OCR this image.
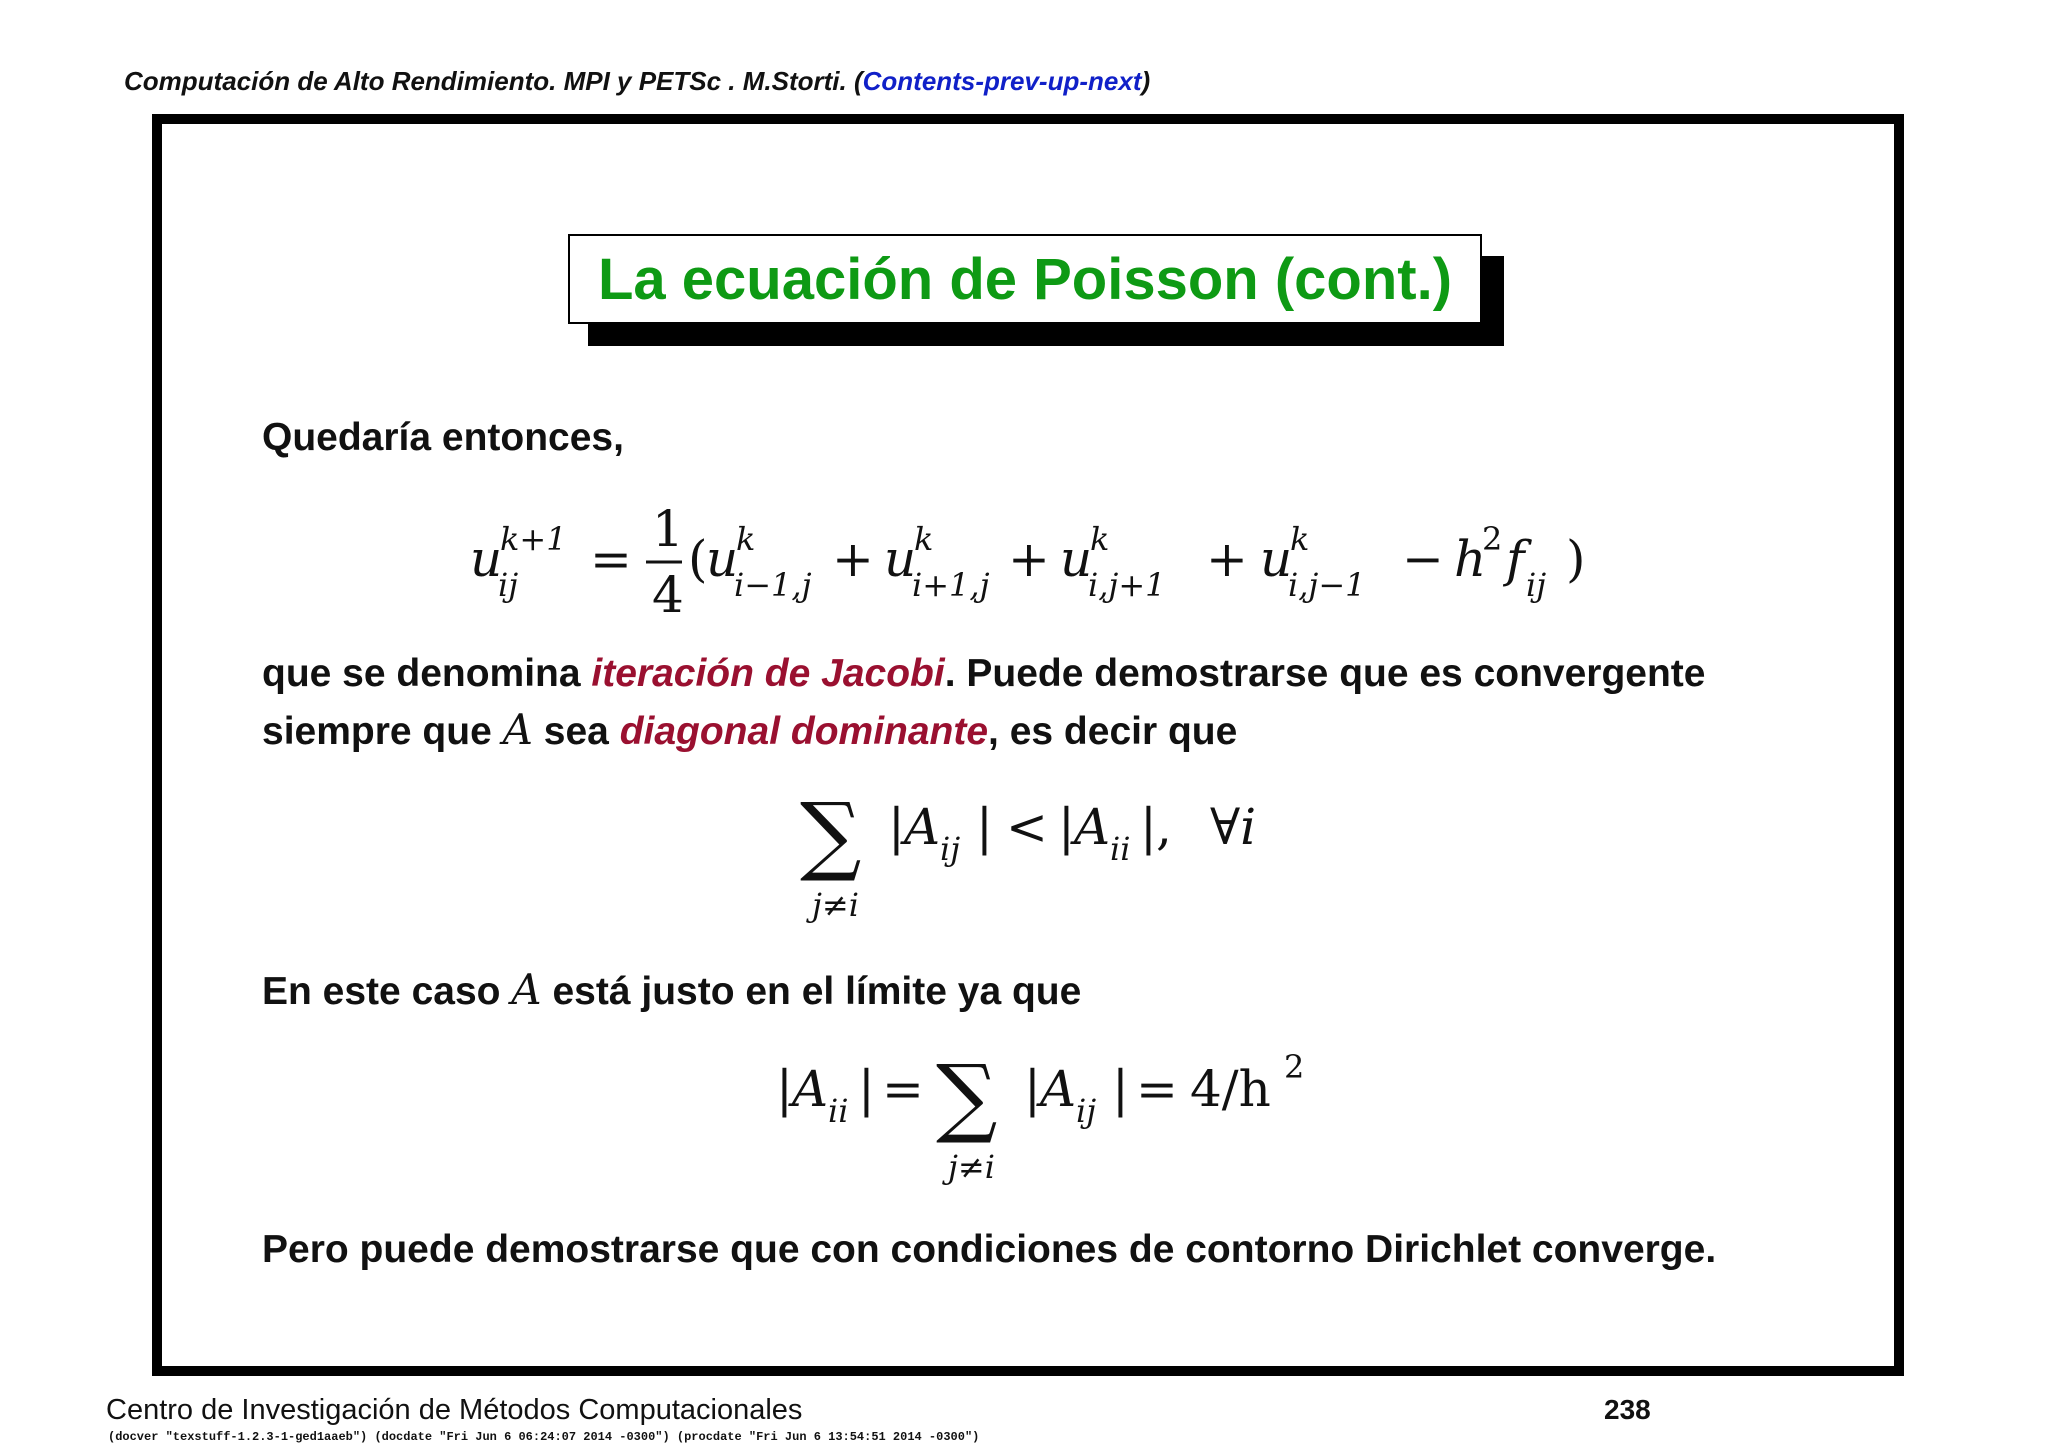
Computación de Alto Rendimiento. MPI y PETSc . M.Storti. (Contents-prev-up-next)
La ecuación de Poisson (cont.)
Quedaría entonces,
u
k+1
ij =
1
4
(
u
k
i−1,j + u
k
i+1,j + u
k
i,j+1 + u
k
i,j−1 − h
2 f ij )
que se denomina iteración de Jacobi. Puede demostrarse que es convergente
siempre que A sea diagonal dominante, es decir que
∑
j≠i
| A ij | < | A ii | , ∀i
En este caso A está justo en el límite ya que
| A ii | = ∑
j≠i
| A ij | = 4/h 2
Pero puede demostrarse que con condiciones de contorno Dirichlet converge.
Centro de Investigación de Métodos Computacionales	238
(docver "texstuff-1.2.3-1-ged1aaeb") (docdate "Fri Jun 6 06:24:07 2014 -0300") (procdate "Fri Jun 6 13:54:51 2014 -0300")
